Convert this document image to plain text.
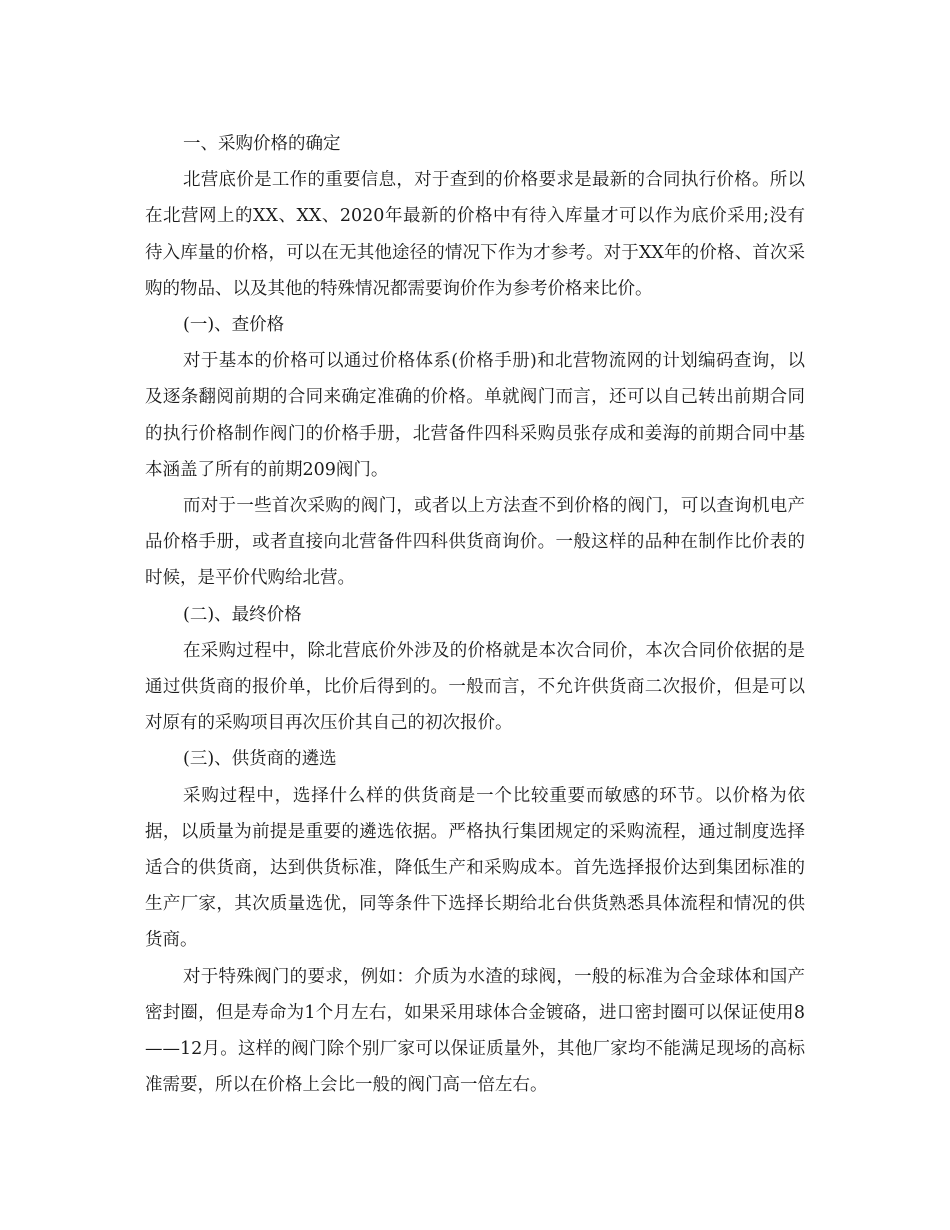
一、采购价格的确定

北营底价是工作的重要信息，对于查到的价格要求是最新的合同执行价格。所以在北营网上的XX、XX、2020年最新的价格中有待入库量才可以作为底价采用;没有待入库量的价格，可以在无其他途径的情况下作为才参考。对于XX年的价格、首次采购的物品、以及其他的特殊情况都需要询价作为参考价格来比价。

(一)、查价格

对于基本的价格可以通过价格体系(价格手册)和北营物流网的计划编码查询，以及逐条翻阅前期的合同来确定准确的价格。单就阀门而言，还可以自己转出前期合同的执行价格制作阀门的价格手册，北营备件四科采购员张存成和姜海的前期合同中基本涵盖了所有的前期209阀门。

而对于一些首次采购的阀门，或者以上方法查不到价格的阀门，可以查询机电产品价格手册，或者直接向北营备件四科供货商询价。一般这样的品种在制作比价表的时候，是平价代购给北营。

(二)、最终价格

在采购过程中，除北营底价外涉及的价格就是本次合同价，本次合同价依据的是通过供货商的报价单，比价后得到的。一般而言，不允许供货商二次报价，但是可以对原有的采购项目再次压价其自己的初次报价。

(三)、供货商的遴选

采购过程中，选择什么样的供货商是一个比较重要而敏感的环节。以价格为依据，以质量为前提是重要的遴选依据。严格执行集团规定的采购流程，通过制度选择适合的供货商，达到供货标准，降低生产和采购成本。首先选择报价达到集团标准的生产厂家，其次质量选优，同等条件下选择长期给北台供货熟悉具体流程和情况的供货商。

对于特殊阀门的要求，例如：介质为水渣的球阀，一般的标准为合金球体和国产密封圈，但是寿命为1个月左右，如果采用球体合金镀硌，进口密封圈可以保证使用8——12月。这样的阀门除个别厂家可以保证质量外，其他厂家均不能满足现场的高标准需要，所以在价格上会比一般的阀门高一倍左右。
